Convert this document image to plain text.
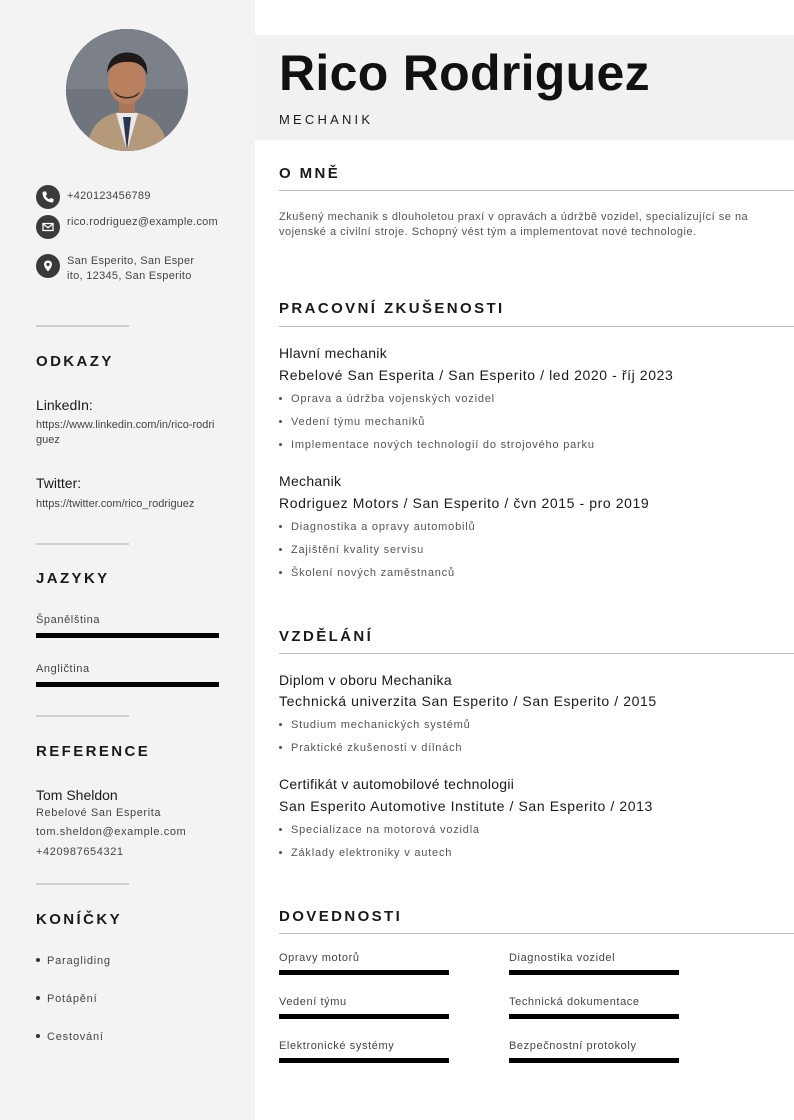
+420123456789
rico.rodriguez@example.com
San Esperito, San Esperito, 12345, San Esperito
ODKAZY
LinkedIn:
https://www.linkedin.com/in/rico-rodriguez
Twitter:
https://twitter.com/rico_rodriguez
JAZYKY
Španělština
Angličtina
REFERENCE
Tom Sheldon
Rebelové San Esperita
tom.sheldon@example.com
+420987654321
KONÍČKY
Paragliding
Potápění
Cestování
Rico Rodriguez
MECHANIK
O MNĚ
Zkušený mechanik s dlouholetou praxí v opravách a údržbě vozidel, specializující se na vojenské a civilní stroje. Schopný vést tým a implementovat nové technologie.
PRACOVNÍ ZKUŠENOSTI
Hlavní mechanik
Rebelové San Esperita / San Esperito / led 2020 - říj 2023
Oprava a údržba vojenských vozidel
Vedení týmu mechaniků
Implementace nových technologií do strojového parku
Mechanik
Rodriguez Motors / San Esperito / čvn 2015 - pro 2019
Diagnostika a opravy automobilů
Zajištění kvality servisu
Školení nových zaměstnanců
VZDĚLÁNÍ
Diplom v oboru Mechanika
Technická univerzita San Esperito / San Esperito / 2015
Studium mechanických systémů
Praktické zkušenosti v dílnách
Certifikát v automobilové technologii
San Esperito Automotive Institute / San Esperito / 2013
Specializace na motorová vozidla
Základy elektroniky v autech
DOVEDNOSTI
Opravy motorů	Diagnostika vozidel
Vedení týmu	Technická dokumentace
Elektronické systémy	Bezpečnostní protokoly
